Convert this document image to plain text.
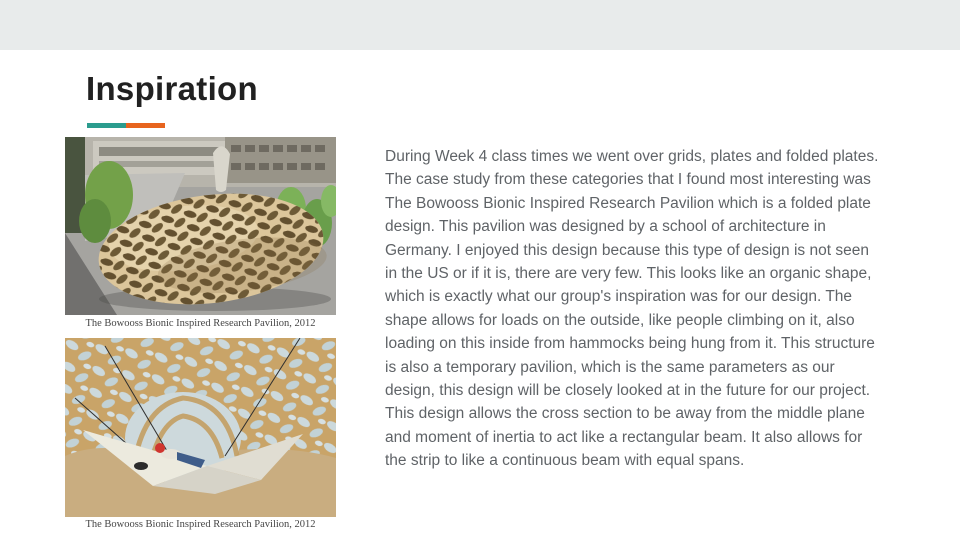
Inspiration
The Bowooss Bionic Inspired Research Pavilion, 2012
The Bowooss Bionic Inspired Research Pavilion, 2012
During Week 4 class times we went over grids, plates and folded plates. The case study from these categories that I found most interesting was The Bowooss Bionic Inspired Research Pavilion which is a folded plate design. This pavilion was designed by a school of architecture in Germany. I enjoyed this design because this type of design is not seen in the US or if it is, there are very few. This looks like an organic shape, which is exactly what our group's inspiration was for our design. The shape allows for loads on the outside, like people climbing on it, also loading on this inside from hammocks being hung from it. This structure is also a temporary pavilion, which is the same parameters as our design, this design will be closely looked at in the future for our project. This design allows the cross section to be away from the middle plane and moment of inertia to act like a rectangular beam. It also allows for the strip to like a continuous beam with equal spans.
